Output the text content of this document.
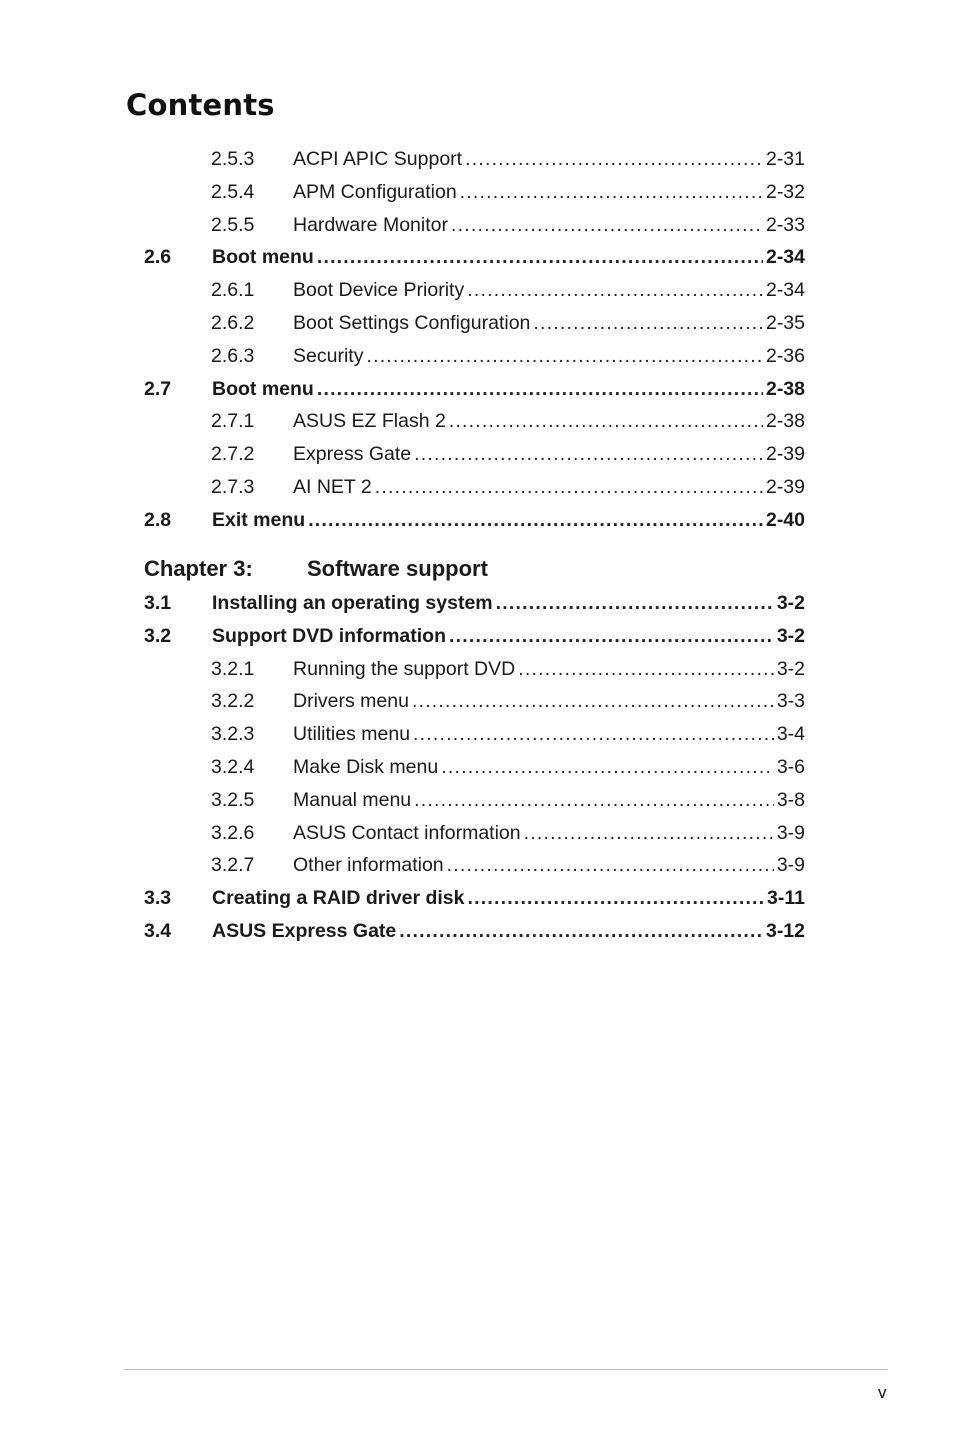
Contents
2.5.3 ACPI APIC Support .....	2-31
2.5.4 APM Configuration .....	2-32
2.5.5 Hardware Monitor .....	2-33
2.6 Boot menu .....	2-34
2.6.1 Boot Device Priority .....	2-34
2.6.2 Boot Settings Configuration .....	2-35
2.6.3 Security .....	2-36
2.7 Boot menu .....	2-38
2.7.1 ASUS EZ Flash 2 .....	2-38
2.7.2 Express Gate .....	2-39
2.7.3 AI NET 2 .....	2-39
2.8 Exit menu .....	2-40
Chapter 3: Software support
3.1 Installing an operating system .....	3-2
3.2 Support DVD information .....	3-2
3.2.1 Running the support DVD .....	3-2
3.2.2 Drivers menu .....	3-3
3.2.3 Utilities menu .....	3-4
3.2.4 Make Disk menu .....	3-6
3.2.5 Manual menu .....	3-8
3.2.6 ASUS Contact information .....	3-9
3.2.7 Other information .....	3-9
3.3 Creating a RAID driver disk .....	3-11
3.4 ASUS Express Gate .....	3-12
v
